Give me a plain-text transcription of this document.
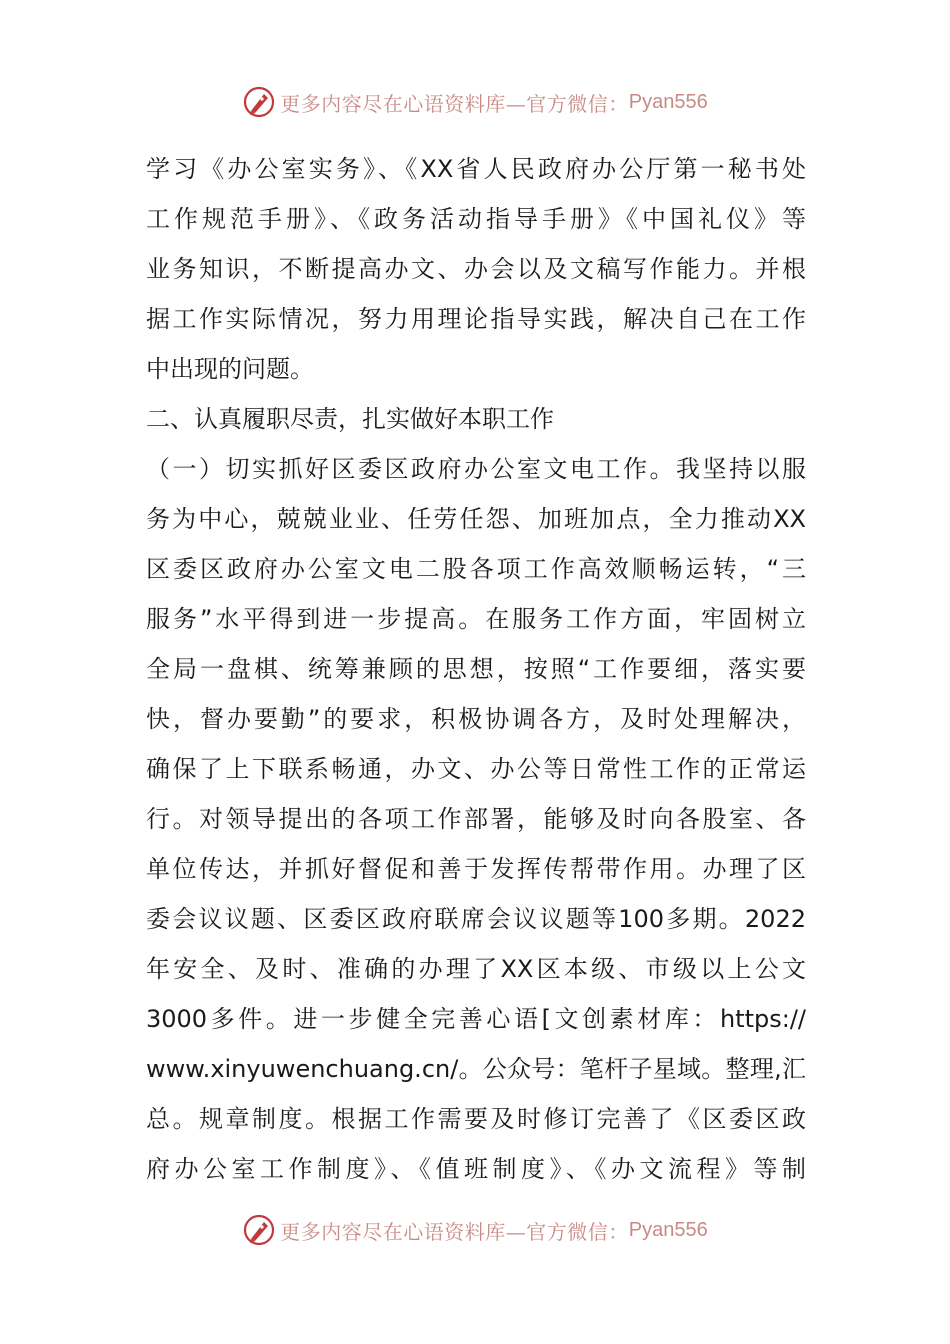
更多内容尽在心语资料库—官方微信： Pyan556
学习《办公室实务》、《XX省人民政府办公厅第一秘书处
工作规范手册》、《政务活动指导手册》《中国礼仪》等
业务知识，不断提高办文、办会以及文稿写作能力。并根
据工作实际情况，努力用理论指导实践，解决自己在工作
中出现的问题。
二、认真履职尽责，扎实做好本职工作
（一）切实抓好区委区政府办公室文电工作。我坚持以服
务为中心，兢兢业业、任劳任怨、加班加点，全力推动XX
区委区政府办公室文电二股各项工作高效顺畅运转，“三
服务”水平得到进一步提高。在服务工作方面，牢固树立
全局一盘棋、统筹兼顾的思想，按照“工作要细，落实要
快，督办要勤”的要求，积极协调各方，及时处理解决，
确保了上下联系畅通，办文、办公等日常性工作的正常运
行。对领导提出的各项工作部署，能够及时向各股室、各
单位传达，并抓好督促和善于发挥传帮带作用。办理了区
委会议议题、区委区政府联席会议议题等100多期。2022
年安全、及时、准确的办理了XX区本级、市级以上公文
3000多件。进一步健全完善心语[文创素材库：https://
www.xinyuwenchuang.cn/。公众号：笔杆子星域。整理,汇
总。规章制度。根据工作需要及时修订完善了《区委区政
府办公室工作制度》、《值班制度》、《办文流程》等制
更多内容尽在心语资料库—官方微信： Pyan556
